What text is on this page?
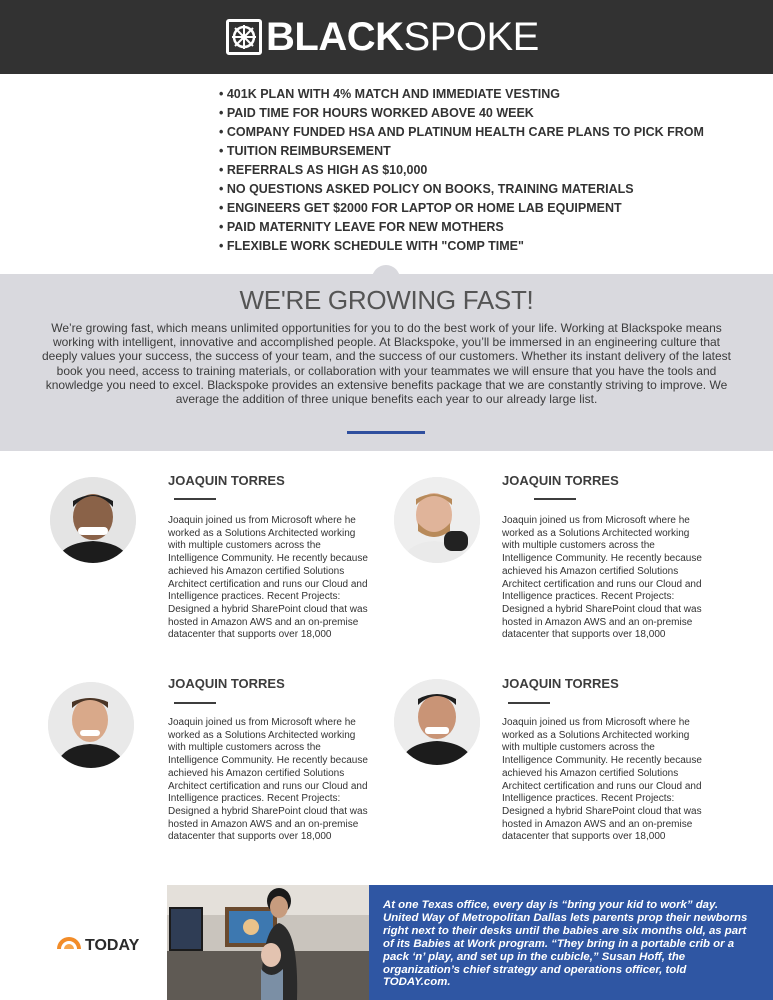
BLACKSPOKE
• 401K PLAN WITH 4% MATCH AND IMMEDIATE VESTING
• PAID TIME FOR HOURS WORKED ABOVE 40 WEEK
• COMPANY FUNDED HSA AND PLATINUM HEALTH CARE PLANS TO PICK FROM
• TUITION REIMBURSEMENT
• REFERRALS AS HIGH AS $10,000
• NO QUESTIONS ASKED POLICY ON BOOKS, TRAINING MATERIALS
• ENGINEERS GET $2000 FOR LAPTOP OR HOME LAB EQUIPMENT
• PAID MATERNITY LEAVE FOR NEW MOTHERS
• FLEXIBLE WORK SCHEDULE WITH "COMP TIME"
WE'RE GROWING FAST!
We’re growing fast, which means unlimited opportunities for you to do the best work of your life. Working at Blackspoke means working with intelligent, innovative and accomplished people. At Blackspoke, you’ll be immersed in an engineering culture that deeply values your success, the success of your team, and the success of our customers. Whether its instant delivery of the latest book you need, access to training materials, or collaboration with your teammates we will ensure that you have the tools and knowledge you need to excel. Blackspoke provides an extensive benefits package that we are constantly striving to improve. We average the addition of three unique benefits each year to our already large list.
JOAQUIN TORRES
Joaquin joined us from Microsoft where he worked as a Solutions Architected working with multiple customers across the Intelligence Community. He recently because achieved his Amazon certified Solutions Architect certification and runs our Cloud and Intelligence practices. Recent Projects: Designed a hybrid SharePoint cloud that was hosted in Amazon AWS and an on-premise datacenter that supports over 18,000
JOAQUIN TORRES
Joaquin joined us from Microsoft where he worked as a Solutions Architected working with multiple customers across the Intelligence Community. He recently because achieved his Amazon certified Solutions Architect certification and runs our Cloud and Intelligence practices. Recent Projects: Designed a hybrid SharePoint cloud that was hosted in Amazon AWS and an on-premise datacenter that supports over 18,000
JOAQUIN TORRES
Joaquin joined us from Microsoft where he worked as a Solutions Architected working with multiple customers across the Intelligence Community. He recently because achieved his Amazon certified Solutions Architect certification and runs our Cloud and Intelligence practices. Recent Projects: Designed a hybrid SharePoint cloud that was hosted in Amazon AWS and an on-premise datacenter that supports over 18,000
JOAQUIN TORRES
Joaquin joined us from Microsoft where he worked as a Solutions Architected working with multiple customers across the Intelligence Community. He recently because achieved his Amazon certified Solutions Architect certification and runs our Cloud and Intelligence practices. Recent Projects: Designed a hybrid SharePoint cloud that was hosted in Amazon AWS and an on-premise datacenter that supports over 18,000
TODAY
At one Texas office, every day is “bring your kid to work” day. United Way of Metropolitan Dallas lets parents prop their newborns right next to their desks until the babies are six months old, as part of its Babies at Work program. “They bring in a portable crib or a pack ‘n’ play, and set up in the cubicle,” Susan Hoff, the organization’s chief strategy and operations officer, told TODAY.com.
